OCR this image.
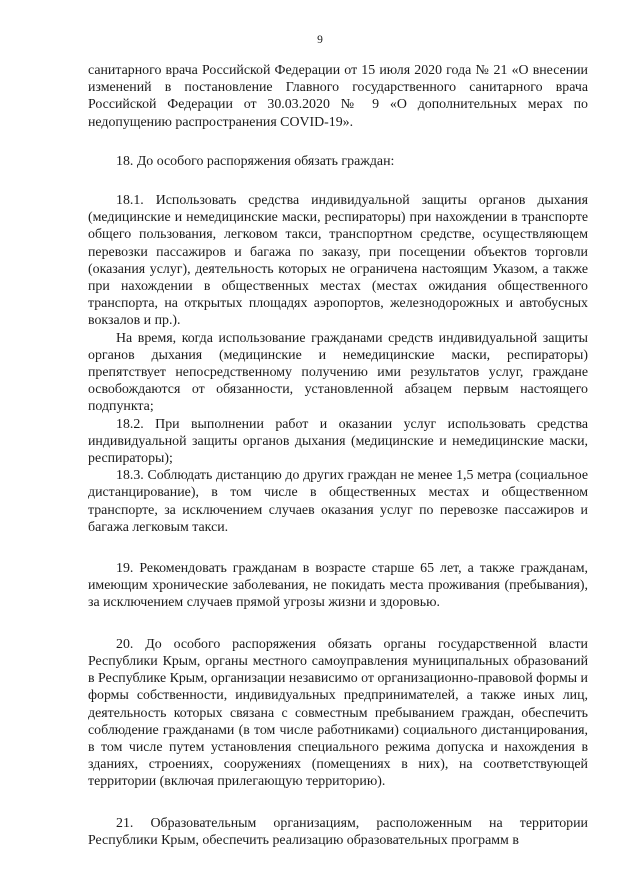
9

санитарного врача Российской Федерации от 15 июля 2020 года № 21 «О внесении изменений в постановление Главного государственного санитарного врача Российской Федерации от 30.03.2020 № 9 «О дополнительных мерах по недопущению распространения COVID-19».

18. До особого распоряжения обязать граждан:

18.1. Использовать средства индивидуальной защиты органов дыхания (медицинские и немедицинские маски, респираторы) при нахождении в транспорте общего пользования, легковом такси, транспортном средстве, осуществляющем перевозки пассажиров и багажа по заказу, при посещении объектов торговли (оказания услуг), деятельность которых не ограничена настоящим Указом, а также при нахождении в общественных местах (местах ожидания общественного транспорта, на открытых площадях аэропортов, железнодорожных и автобусных вокзалов и пр.).

На время, когда использование гражданами средств индивидуальной защиты органов дыхания (медицинские и немедицинские маски, респираторы) препятствует непосредственному получению ими результатов услуг, граждане освобождаются от обязанности, установленной абзацем первым настоящего подпункта;

18.2. При выполнении работ и оказании услуг использовать средства индивидуальной защиты органов дыхания (медицинские и немедицинские маски, респираторы);

18.3. Соблюдать дистанцию до других граждан не менее 1,5 метра (социальное дистанцирование), в том числе в общественных местах и общественном транспорте, за исключением случаев оказания услуг по перевозке пассажиров и багажа легковым такси.

19. Рекомендовать гражданам в возрасте старше 65 лет, а также гражданам, имеющим хронические заболевания, не покидать места проживания (пребывания), за исключением случаев прямой угрозы жизни и здоровью.

20. До особого распоряжения обязать органы государственной власти Республики Крым, органы местного самоуправления муниципальных образований в Республике Крым, организации независимо от организационно-правовой формы и формы собственности, индивидуальных предпринимателей, а также иных лиц, деятельность которых связана с совместным пребыванием граждан, обеспечить соблюдение гражданами (в том числе работниками) социального дистанцирования, в том числе путем установления специального режима допуска и нахождения в зданиях, строениях, сооружениях (помещениях в них), на соответствующей территории (включая прилегающую территорию).

21. Образовательным организациям, расположенным на территории Республики Крым, обеспечить реализацию образовательных программ в
